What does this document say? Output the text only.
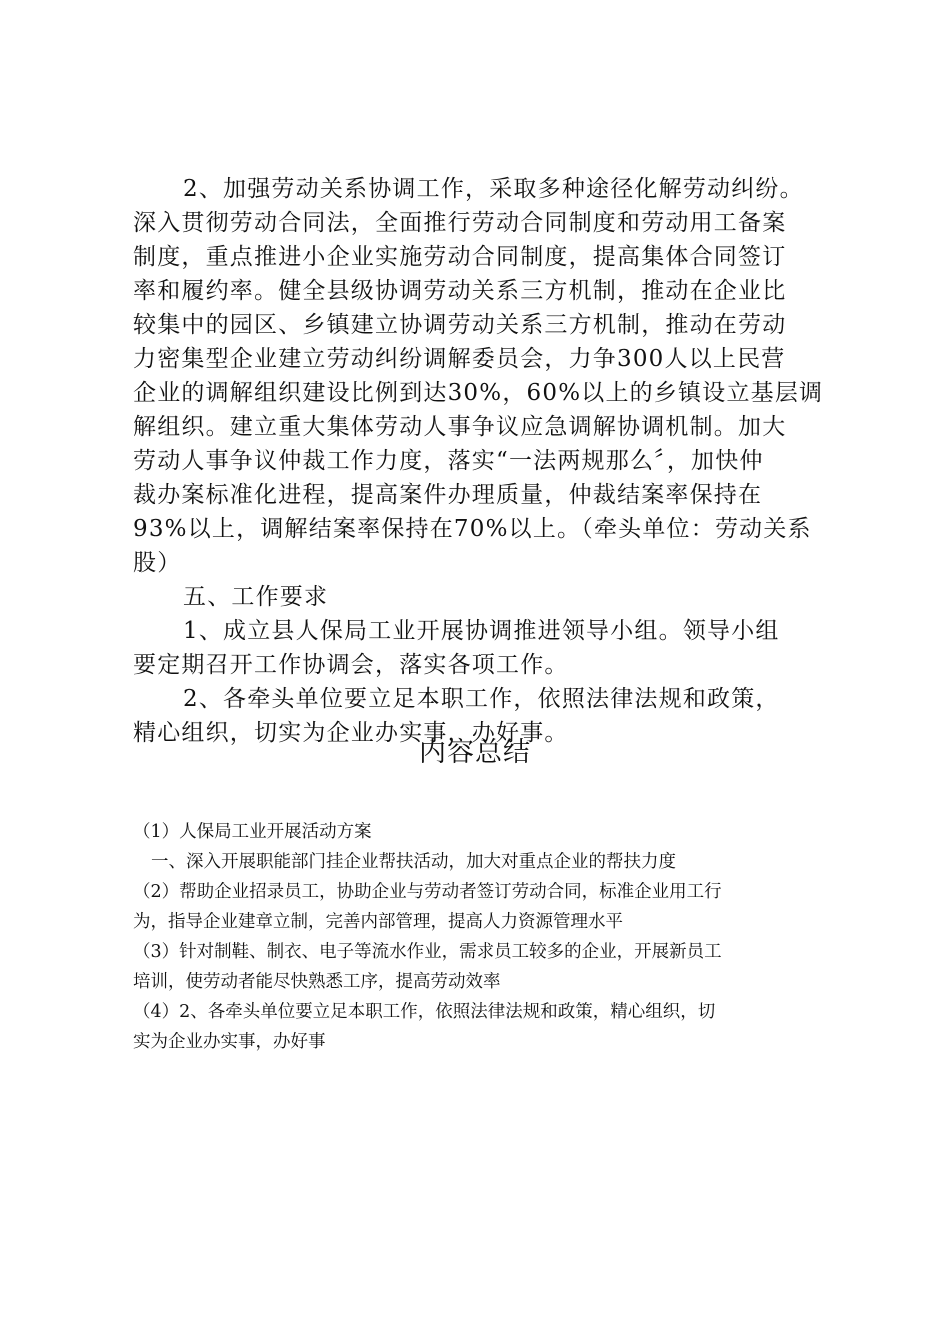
2、加强劳动关系协调工作，采取多种途径化解劳动纠纷。
深入贯彻劳动合同法，全面推行劳动合同制度和劳动用工备案
制度，重点推进小企业实施劳动合同制度，提高集体合同签订
率和履约率。健全县级协调劳动关系三方机制，推动在企业比
较集中的园区、乡镇建立协调劳动关系三方机制，推动在劳动
力密集型企业建立劳动纠纷调解委员会，力争300人以上民营
企业的调解组织建设比例到达30%，60%以上的乡镇设立基层调
解组织。建立重大集体劳动人事争议应急调解协调机制。加大
劳动人事争议仲裁工作力度，落实“一法两规那么〞，加快仲
裁办案标准化进程，提高案件办理质量，仲裁结案率保持在
93%以上，调解结案率保持在70%以上。（牵头单位：劳动关系
股）
五、工作要求
1、成立县人保局工业开展协调推进领导小组。领导小组
要定期召开工作协调会，落实各项工作。
2、各牵头单位要立足本职工作，依照法律法规和政策，
精心组织，切实为企业办实事，办好事。
内容总结
（1）人保局工业开展活动方案
一、深入开展职能部门挂企业帮扶活动，加大对重点企业的帮扶力度
（2）帮助企业招录员工，协助企业与劳动者签订劳动合同，标准企业用工行
为，指导企业建章立制，完善内部管理，提高人力资源管理水平
（3）针对制鞋、制衣、电子等流水作业，需求员工较多的企业，开展新员工
培训，使劳动者能尽快熟悉工序，提高劳动效率
（4）2、各牵头单位要立足本职工作，依照法律法规和政策，精心组织，切
实为企业办实事，办好事
